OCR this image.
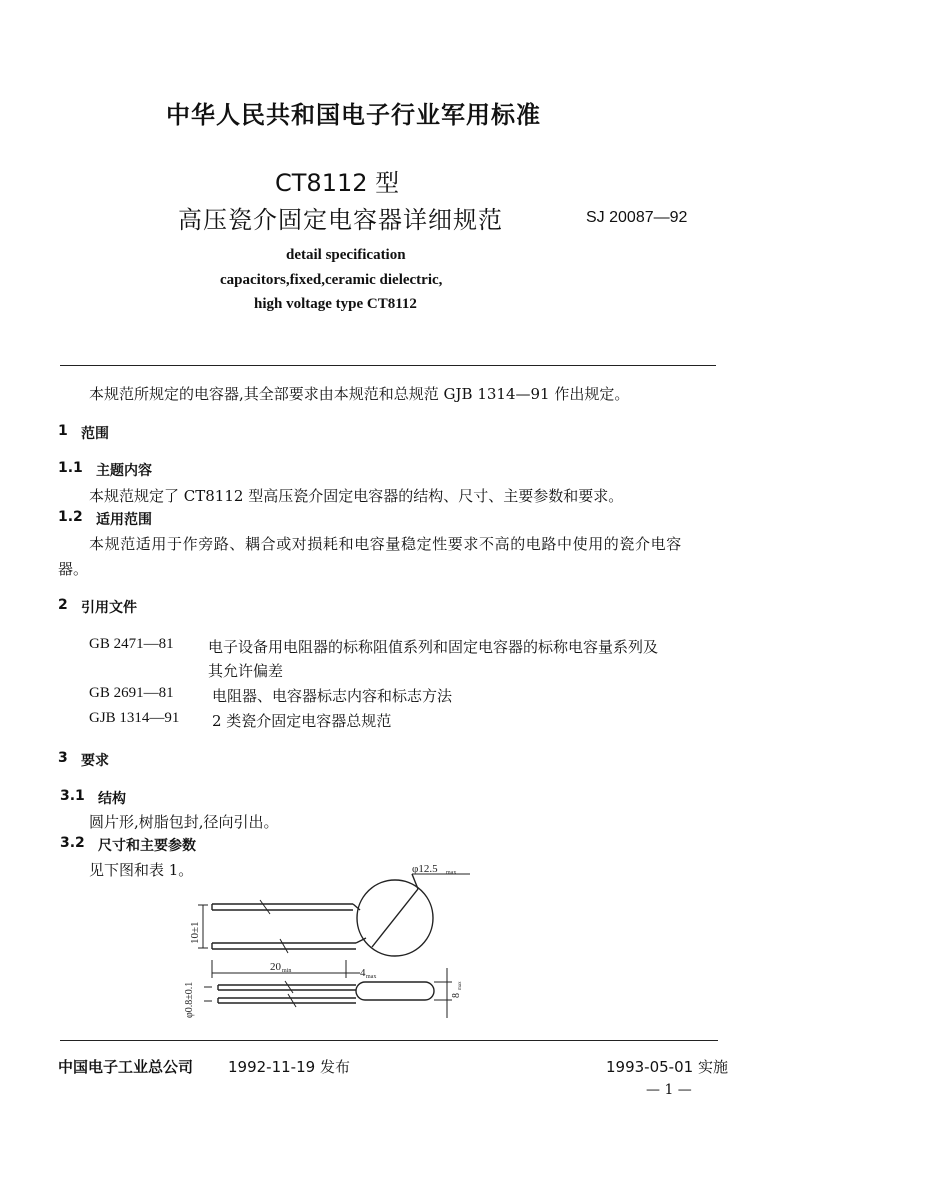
中华人民共和国电子行业军用标准
CT8112 型
高压瓷介固定电容器详细规范	SJ 20087—92
detail specification
capacitors,fixed,ceramic dielectric,
high voltage type CT8112
本规范所规定的电容器,其全部要求由本规范和总规范 GJB 1314—91 作出规定。
1 范围
1.1 主题内容
本规范规定了 CT8112 型高压瓷介固定电容器的结构、尺寸、主要参数和要求。
1.2 适用范围
本规范适用于作旁路、耦合或对损耗和电容量稳定性要求不高的电路中使用的瓷介电容
器。
2 引用文件
GB 2471—81 电子设备用电阻器的标称阻值系列和固定电容器的标称电容量系列及
其允许偏差
GB 2691—81	电阻器、电容器标志内容和标志方法
GJB 1314—91 2 类瓷介固定电容器总规范
3 要求
3.1 结构
圆片形,树脂包封,径向引出。
3.2 尺寸和主要参数
见下图和表 1。	φ12.5 max
10±1
20 min	4 max
φ0.8±0.1	8
max
中国电子工业总公司 1992-11-19 发布	1993-05-01 实施
— 1 —
